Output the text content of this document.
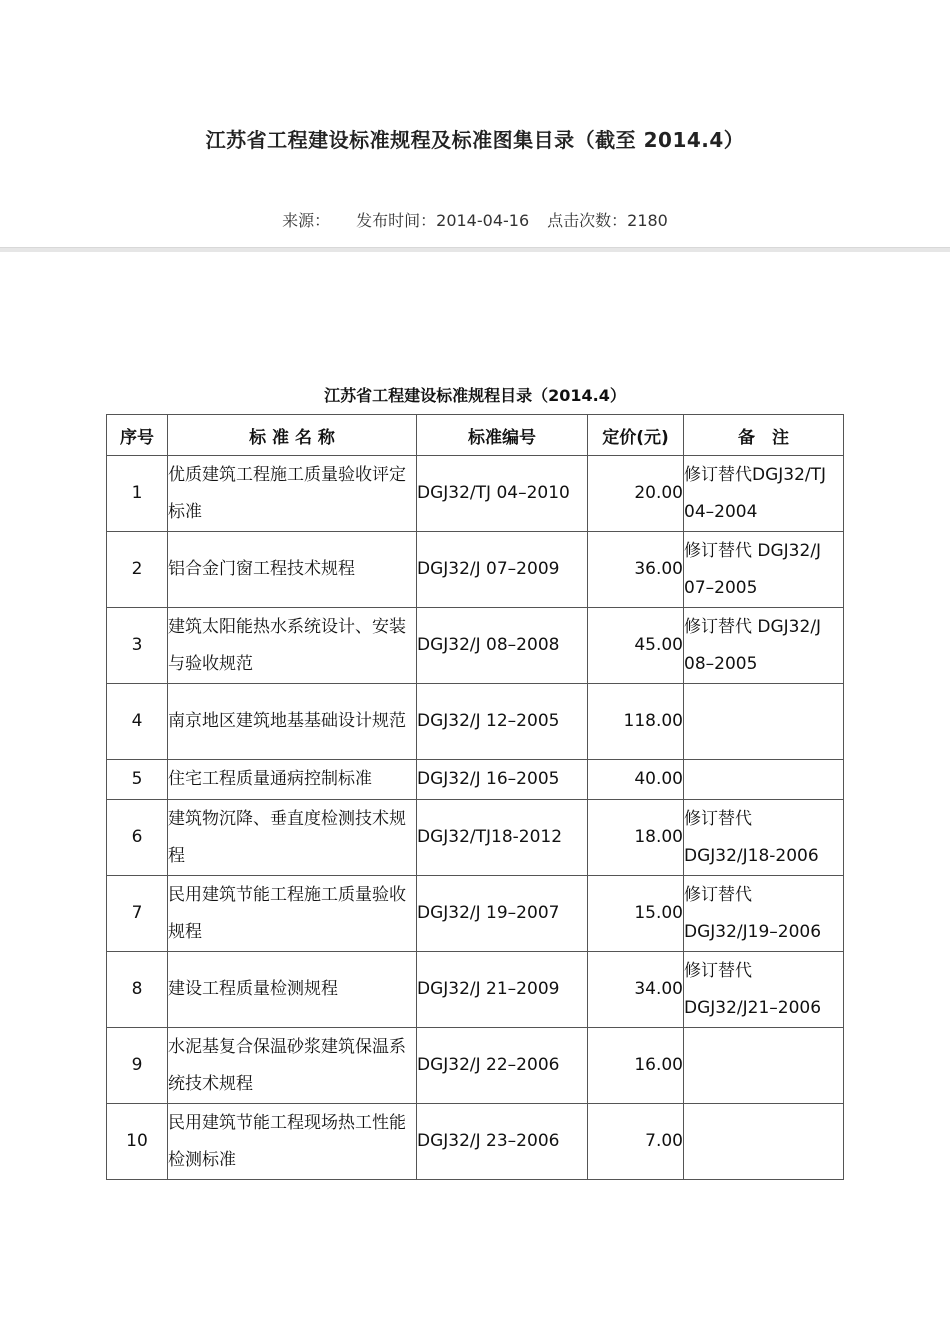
江苏省工程建设标准规程及标准图集目录（截至 2014.4）
来源： 发布时间：2014-04-16 点击次数：2180
江苏省工程建设标准规程目录（2014.4）
序号	标 准 名 称	标准编号	定价(元)	备　注
1	优质建筑工程施工质量验收评定标准	DGJ32/TJ 04–2010	20.00	修订替代DGJ32/TJ 04–2004
2	铝合金门窗工程技术规程	DGJ32/J 07–2009	36.00	修订替代 DGJ32/J 07–2005
3	建筑太阳能热水系统设计、安装与验收规范	DGJ32/J 08–2008	45.00	修订替代 DGJ32/J 08–2005
4	南京地区建筑地基基础设计规范	DGJ32/J 12–2005	118.00	
5	住宅工程质量通病控制标准	DGJ32/J 16–2005	40.00	
6	建筑物沉降、垂直度检测技术规程	DGJ32/TJ18-2012	18.00	修订替代 DGJ32/J18-2006
7	民用建筑节能工程施工质量验收规程	DGJ32/J 19–2007	15.00	修订替代 DGJ32/J19–2006
8	建设工程质量检测规程	DGJ32/J 21–2009	34.00	修订替代 DGJ32/J21–2006
9	水泥基复合保温砂浆建筑保温系统技术规程	DGJ32/J 22–2006	16.00	
10	民用建筑节能工程现场热工性能检测标准	DGJ32/J 23–2006	7.00	
